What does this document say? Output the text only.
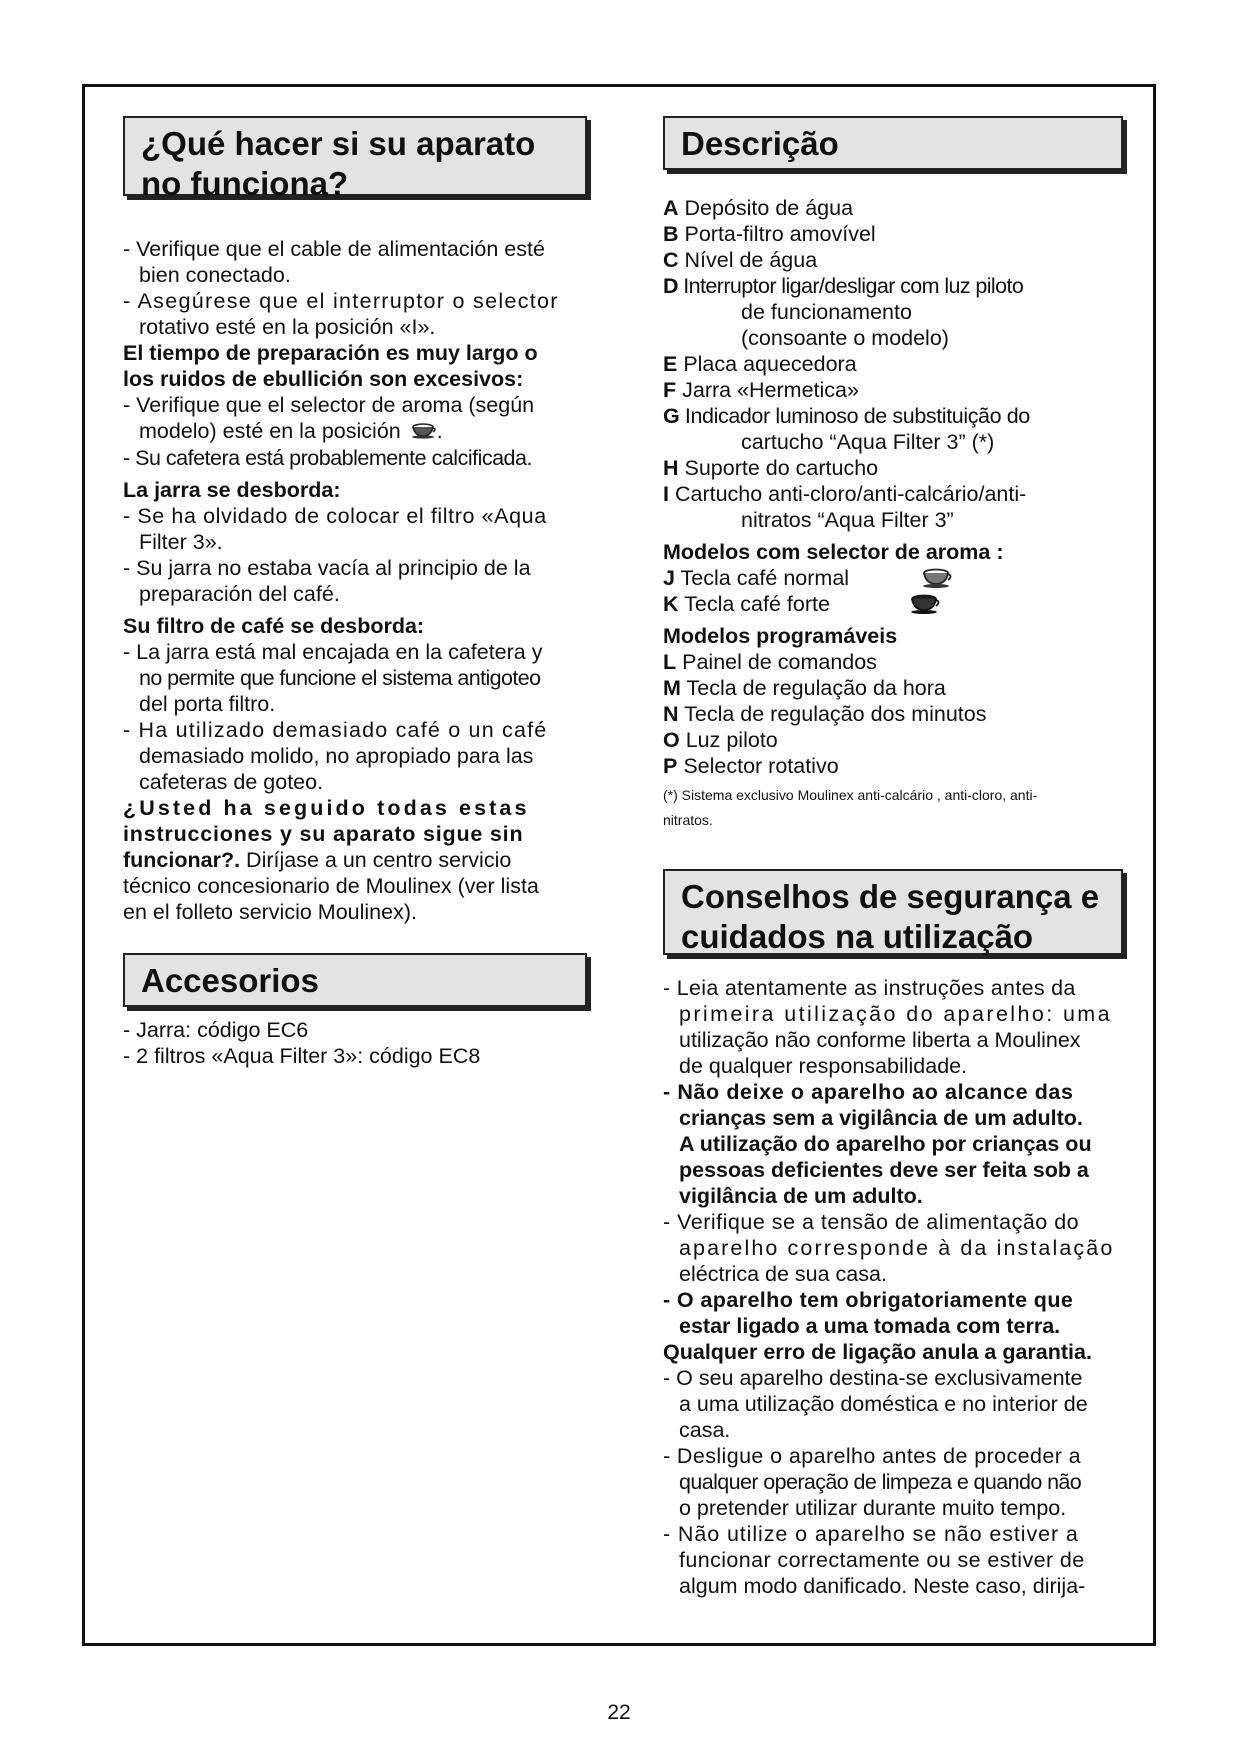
¿Qué hacer si su aparato
no funciona?
- Verifique que el cable de alimentación esté
bien conectado.
- Asegúrese que el interruptor o selector
rotativo esté en la posición «I».
El tiempo de preparación es muy largo o
los ruidos de ebullición son excesivos:
- Verifique que el selector de aroma (según
modelo) esté en la posición .
- Su cafetera está probablemente calcificada.
La jarra se desborda:
- Se ha olvidado de colocar el filtro «Aqua
Filter 3».
- Su jarra no estaba vacía al principio de la
preparación del café.
Su filtro de café se desborda:
- La jarra está mal encajada en la cafetera y
no permite que funcione el sistema antigoteo
del porta filtro.
- Ha utilizado demasiado café o un café
demasiado molido, no apropiado para las
cafeteras de goteo.
¿Usted ha seguido todas estas
instrucciones y su aparato sigue sin
funcionar?. Diríjase a un centro servicio
técnico concesionario de Moulinex (ver lista
en el folleto servicio Moulinex).
Accesorios
- Jarra: código EC6
- 2 filtros «Aqua Filter 3»: código EC8
Descrição
A Depósito de água
B Porta-filtro amovível
C Nível de água
D Interruptor ligar/desligar com luz piloto
de funcionamento
(consoante o modelo)
E Placa aquecedora
F Jarra «Hermetica»
G Indicador luminoso de substituição do
cartucho “Aqua Filter 3” (*)
H Suporte do cartucho
I Cartucho anti-cloro/anti-calcário/anti-
nitratos “Aqua Filter 3”
Modelos com selector de aroma :
J Tecla café normal
K Tecla café forte
Modelos programáveis
L Painel de comandos
M Tecla de regulação da hora
N Tecla de regulação dos minutos
O Luz piloto
P Selector rotativo
(*) Sistema exclusivo Moulinex anti-calcário , anti-cloro, anti-
nitratos.
Conselhos de segurança e
cuidados na utilização
- Leia atentamente as instruções antes da
primeira utilização do aparelho: uma
utilização não conforme liberta a Moulinex
de qualquer responsabilidade.
- Não deixe o aparelho ao alcance das
crianças sem a vigilância de um adulto.
A utilização do aparelho por crianças ou
pessoas deficientes deve ser feita sob a
vigilância de um adulto.
- Verifique se a tensão de alimentação do
aparelho corresponde à da instalação
eléctrica de sua casa.
- O aparelho tem obrigatoriamente que
estar ligado a uma tomada com terra.
Qualquer erro de ligação anula a garantia.
- O seu aparelho destina-se exclusivamente
a uma utilização doméstica e no interior de
casa.
- Desligue o aparelho antes de proceder a
qualquer operação de limpeza e quando não
o pretender utilizar durante muito tempo.
- Não utilize o aparelho se não estiver a
funcionar correctamente ou se estiver de
algum modo danificado. Neste caso, dirija-
22
